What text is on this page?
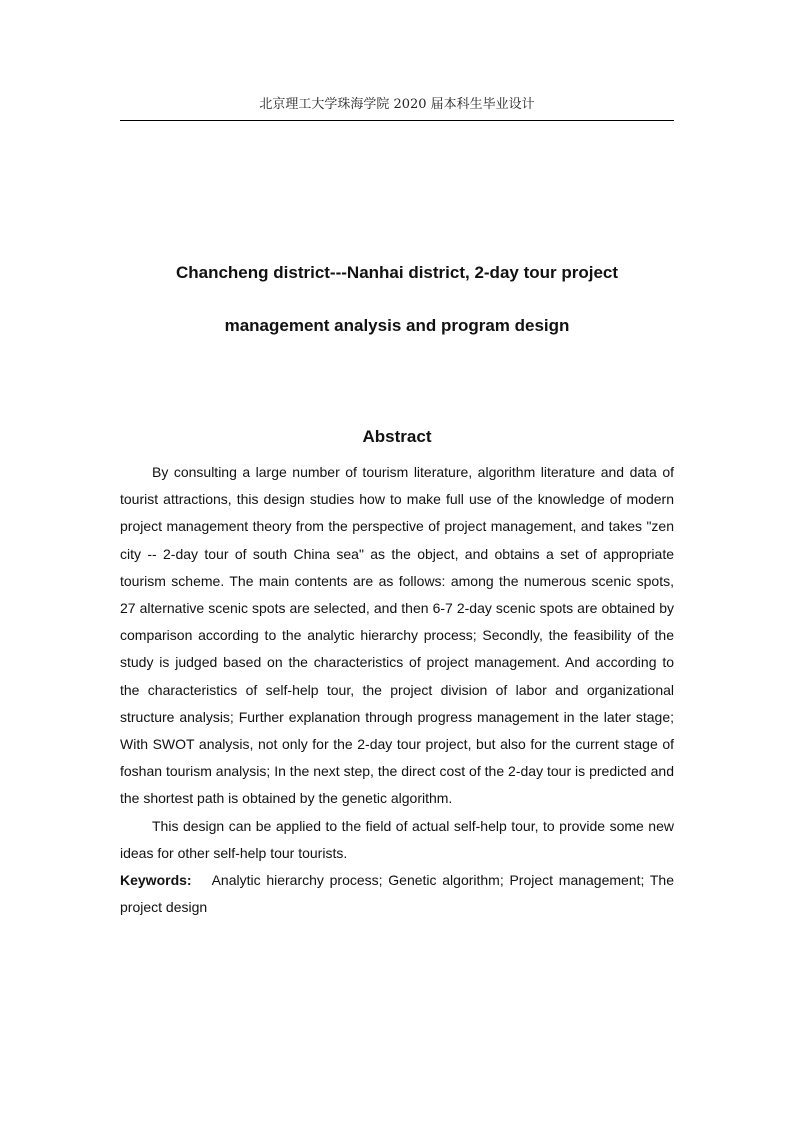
北京理工大学珠海学院 2020 届本科生毕业设计
Chancheng district---Nanhai district, 2-day tour project
management analysis and program design
Abstract

By consulting a large number of tourism literature, algorithm literature and data of tourist attractions, this design studies how to make full use of the knowledge of modern project management theory from the perspective of project management, and takes "zen city -- 2-day tour of south China sea" as the object, and obtains a set of appropriate tourism scheme. The main contents are as follows: among the numerous scenic spots, 27 alternative scenic spots are selected, and then 6-7 2-day scenic spots are obtained by comparison according to the analytic hierarchy process; Secondly, the feasibility of the study is judged based on the characteristics of project management. And according to the characteristics of self-help tour, the project division of labor and organizational structure analysis; Further explanation through progress management in the later stage; With SWOT analysis, not only for the 2-day tour project, but also for the current stage of foshan tourism analysis; In the next step, the direct cost of the 2-day tour is predicted and the shortest path is obtained by the genetic algorithm.

This design can be applied to the field of actual self-help tour, to provide some new ideas for other self-help tour tourists.

Keywords: Analytic hierarchy process; Genetic algorithm; Project management; The    project design
